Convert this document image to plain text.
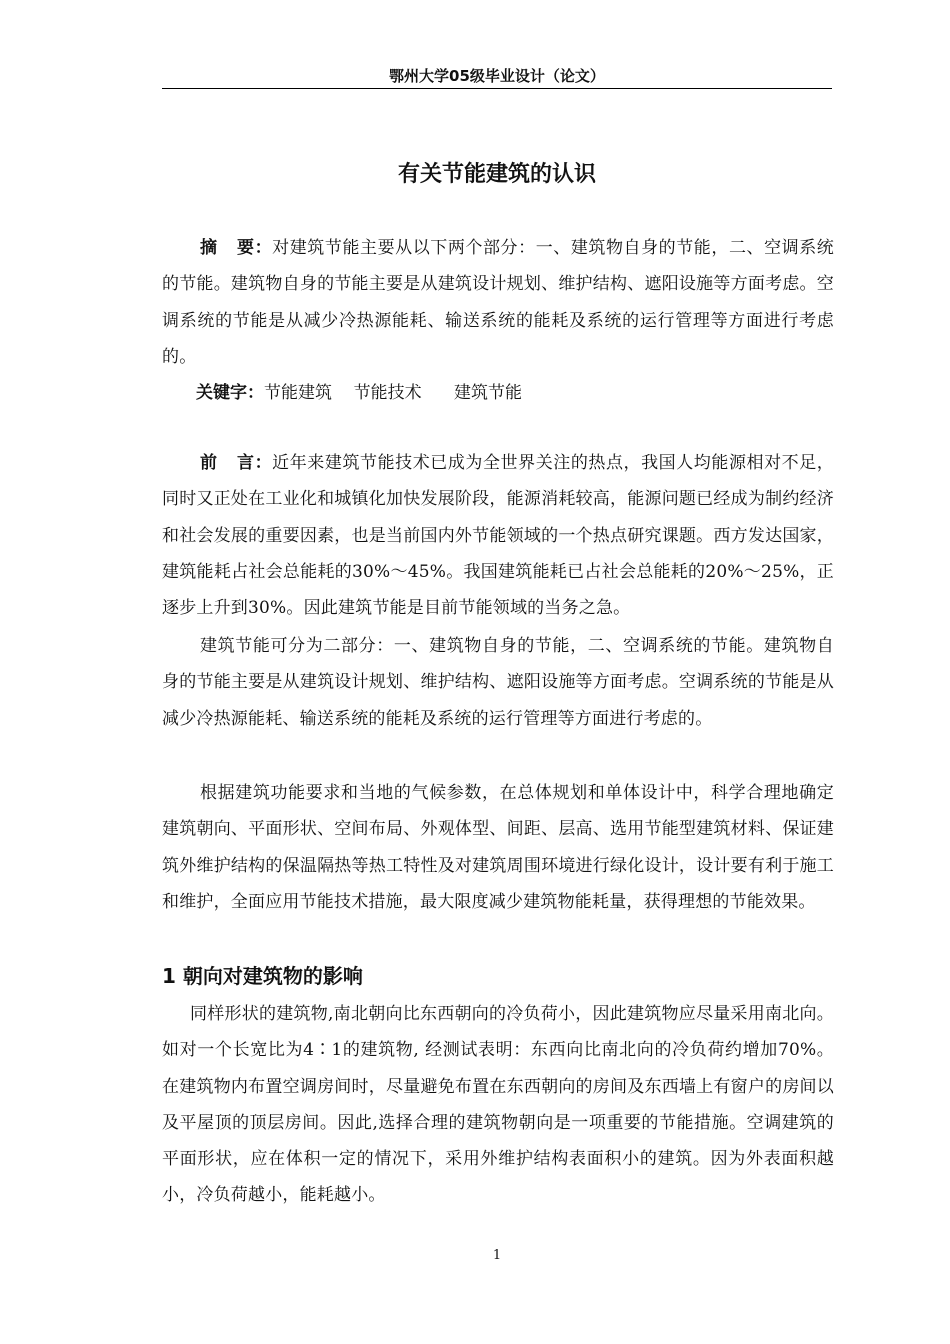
鄂州大学05级毕业设计（论文）
有关节能建筑的认识

摘   要：对建筑节能主要从以下两个部分：一、建筑物自身的节能，二、空调系统的节能。建筑物自身的节能主要是从建筑设计规划、维护结构、遮阳设施等方面考虑。空调系统的节能是从减少冷热源能耗、输送系统的能耗及系统的运行管理等方面进行考虑的。

关键字：节能建筑    节能技术      建筑节能

前   言：近年来建筑节能技术已成为全世界关注的热点，我国人均能源相对不足，同时又正处在工业化和城镇化加快发展阶段，能源消耗较高，能源问题已经成为制约经济和社会发展的重要因素，也是当前国内外节能领域的一个热点研究课题。西方发达国家，建筑能耗占社会总能耗的30%～45%。我国建筑能耗已占社会总能耗的20%～25%，正逐步上升到30%。因此建筑节能是目前节能领域的当务之急。

建筑节能可分为二部分：一、建筑物自身的节能，二、空调系统的节能。建筑物自身的节能主要是从建筑设计规划、维护结构、遮阳设施等方面考虑。空调系统的节能是从减少冷热源能耗、输送系统的能耗及系统的运行管理等方面进行考虑的。

根据建筑功能要求和当地的气候参数，在总体规划和单体设计中，科学合理地确定建筑朝向、平面形状、空间布局、外观体型、间距、层高、选用节能型建筑材料、保证建筑外维护结构的保温隔热等热工特性及对建筑周围环境进行绿化设计，设计要有利于施工和维护，全面应用节能技术措施，最大限度减少建筑物能耗量，获得理想的节能效果。

1 朝向对建筑物的影响

同样形状的建筑物,南北朝向比东西朝向的冷负荷小，因此建筑物应尽量采用南北向。如对一个长宽比为4∶1的建筑物, 经测试表明：东西向比南北向的冷负荷约增加70%。在建筑物内布置空调房间时，尽量避免布置在东西朝向的房间及东西墙上有窗户的房间以及平屋顶的顶层房间。因此,选择合理的建筑物朝向是一项重要的节能措施。空调建筑的平面形状，应在体积一定的情况下，采用外维护结构表面积小的建筑。因为外表面积越小，冷负荷越小，能耗越小。

1
